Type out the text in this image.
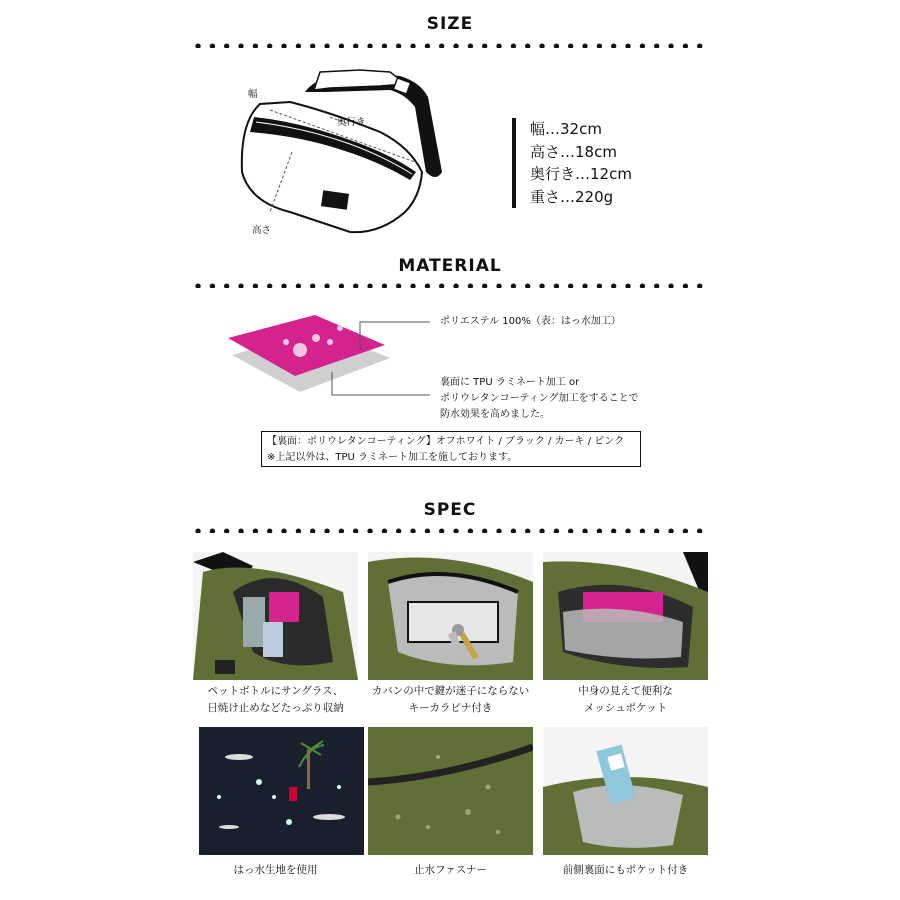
SIZE
● ● ● ● ● ● ● ● ● ● ● ● ● ● ● ● ● ● ● ● ● ● ● ● ● ● ● ● ● ● ● ● ● ● ● ● ● ● ● ● ● ● ● ● ● ● ●
幅
奥行き
高さ
幅…32cm
高さ…18cm
奥行き…12cm
重さ…220g
MATERIAL
● ● ● ● ● ● ● ● ● ● ● ● ● ● ● ● ● ● ● ● ● ● ● ● ● ● ● ● ● ● ● ● ● ● ● ● ● ● ● ● ● ● ● ● ● ● ●
ポリエステル 100%（表：はっ水加工）
裏面に TPU ラミネート加工 or
ポリウレタンコーティング加工をすることで
防水効果を高めました。
【裏面：ポリウレタンコーティング】オフホワイト / ブラック / カーキ / ピンク
※上記以外は、TPU ラミネート加工を施しております。
SPEC
● ● ● ● ● ● ● ● ● ● ● ● ● ● ● ● ● ● ● ● ● ● ● ● ● ● ● ● ● ● ● ● ● ● ● ● ● ● ● ● ● ● ● ● ● ● ●
ペットボトルにサングラス、
日焼け止めなどたっぷり収納
カバンの中で鍵が迷子にならない
キーカラビナ付き
中身の見えて便利な
メッシュポケット
はっ水生地を使用	止水ファスナー	前側裏面にもポケット付き
